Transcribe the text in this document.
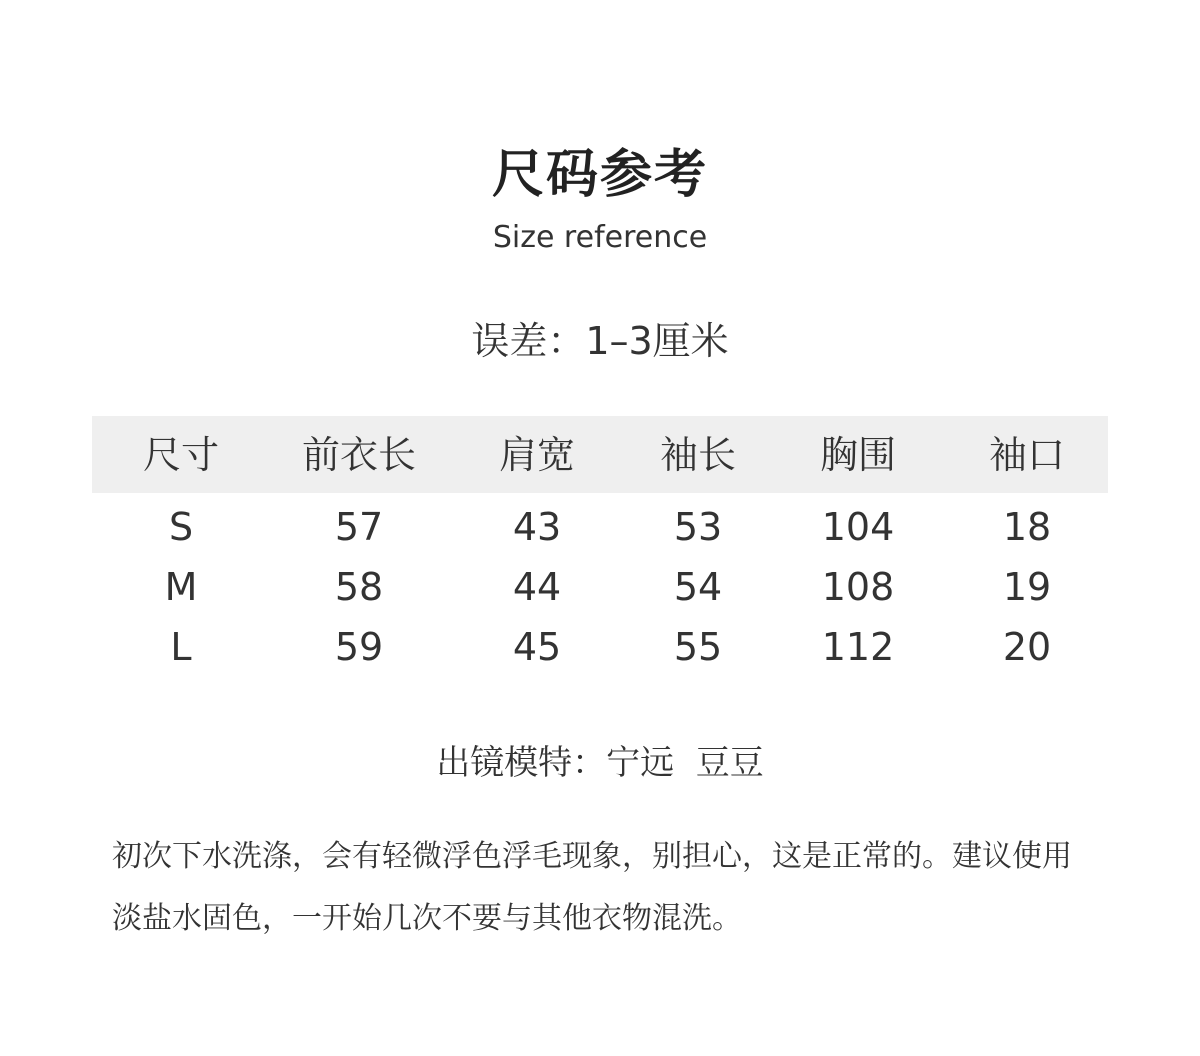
尺码参考
Size reference
误差：1–3厘米
尺寸	前衣长	肩宽	袖长	胸围	袖口
S	57	43	53	104	18
M	58	44	54	108	19
L	59	45	55	112	20
出镜模特：宁远  豆豆
初次下水洗涤，会有轻微浮色浮毛现象，别担心，这是正常的。建议使用淡盐水固色，一开始几次不要与其他衣物混洗。
